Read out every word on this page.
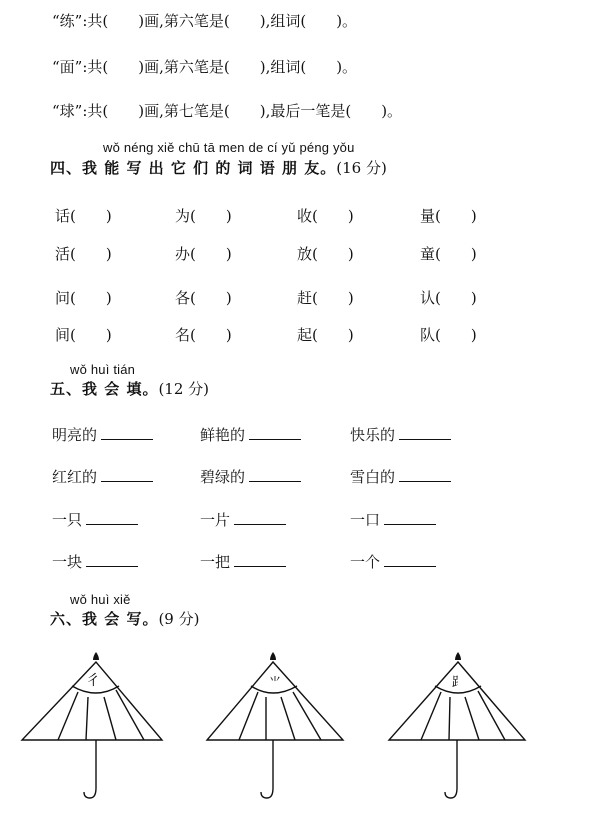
“练”:共(　　)画,第六笔是(　　),组词(　　)。
“面”:共(　　)画,第六笔是(　　),组词(　　)。
“球”:共(　　)画,第七笔是(　　),最后一笔是(　　)。
wǒ néng xiě chū tā men de cí yǔ péng yǒu
四、我 能 写 出 它 们 的 词 语 朋 友。(16 分)
话(　　)	为(　　)	收(　　)	量(　　)
活(　　)	办(　　)	放(　　)	童(　　)
问(　　)	各(　　)	赶(　　)	认(　　)
间(　　)	名(　　)	起(　　)	队(　　)
wǒ huì tián
五、我 会 填。(12 分)
明亮的	鲜艳的	快乐的
红红的	碧绿的	雪白的
一只	一片	一口
一块	一把	一个
wǒ huì xiě
六、我 会 写。(9 分)
彳	⺌	⻊
